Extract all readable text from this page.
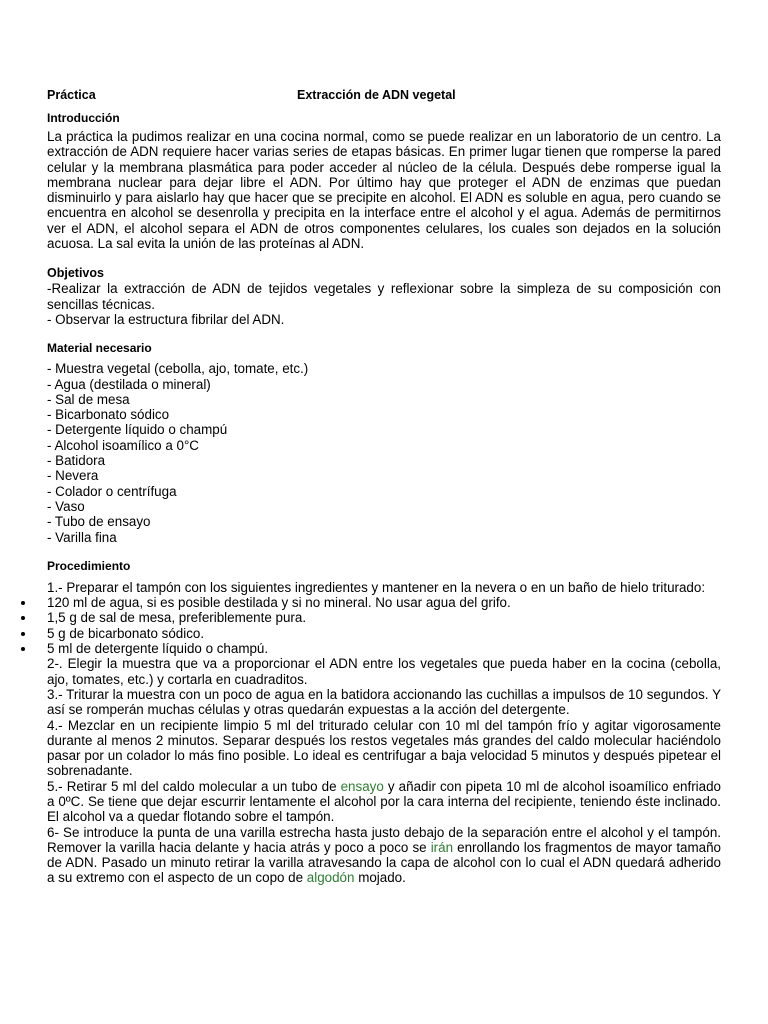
Práctica	Extracción de ADN vegetal
Introducción

La práctica la pudimos realizar en una cocina normal, como se puede realizar en un laboratorio de un centro. La extracción de ADN requiere hacer varias series de etapas básicas. En primer lugar tienen que romperse la pared celular y la membrana plasmática para poder acceder al núcleo de la célula. Después debe romperse igual la membrana nuclear para dejar libre el ADN. Por último hay que proteger el ADN de enzimas que puedan disminuirlo y para aislarlo hay que hacer que se precipite en alcohol. El ADN es soluble en agua, pero cuando se encuentra en alcohol se desenrolla y precipita en la interface entre el alcohol y el agua. Además de permitirnos ver el ADN, el alcohol separa el ADN de otros componentes celulares, los cuales son dejados en la solución acuosa. La sal evita la unión de las proteínas al ADN.

Objetivos

-Realizar la extracción de ADN de tejidos vegetales y reflexionar sobre la simpleza de su composición con sencillas técnicas.

- Observar la estructura fibrilar del ADN.

Material necesario
- Muestra vegetal (cebolla, ajo, tomate, etc.)
- Agua (destilada o mineral)
- Sal de mesa
- Bicarbonato sódico
- Detergente líquido o champú
- Alcohol isoamílico a 0°C
- Batidora
- Nevera
- Colador o centrífuga
- Vaso
- Tubo de ensayo
- Varilla fina
Procedimiento

1.- Preparar el tampón con los siguientes ingredientes y mantener en la nevera o en un baño de hielo triturado:

120 ml de agua, si es posible destilada y si no mineral. No usar agua del grifo.
1,5 g de sal de mesa, preferiblemente pura.
5 g de bicarbonato sódico.
5 ml de detergente líquido o champú.

2-. Elegir la muestra que va a proporcionar el ADN entre los vegetales que pueda haber en la cocina (cebolla, ajo, tomates, etc.) y cortarla en cuadraditos.

3.- Triturar la muestra con un poco de agua en la batidora accionando las cuchillas a impulsos de 10 segundos. Y así se romperán muchas células y otras quedarán expuestas a la acción del detergente.

4.- Mezclar en un recipiente limpio 5 ml del triturado celular con 10 ml del tampón frío y agitar vigorosamente durante al menos 2 minutos. Separar después los restos vegetales más grandes del caldo molecular haciéndolo pasar por un colador lo más fino posible. Lo ideal es centrifugar a baja velocidad 5 minutos y después pipetear el sobrenadante.

5.- Retirar 5 ml del caldo molecular a un tubo de ensayo y añadir con pipeta 10 ml de alcohol isoamílico enfriado a 0ºC. Se tiene que dejar escurrir lentamente el alcohol por la cara interna del recipiente, teniendo éste inclinado. El alcohol va a quedar flotando sobre el tampón.

6- Se introduce la punta de una varilla estrecha hasta justo debajo de la separación entre el alcohol y el tampón. Remover la varilla hacia delante y hacia atrás y poco a poco se irán enrollando los fragmentos de mayor tamaño de ADN. Pasado un minuto retirar la varilla atravesando la capa de alcohol con lo cual el ADN quedará adherido a su extremo con el aspecto de un copo de algodón mojado.
